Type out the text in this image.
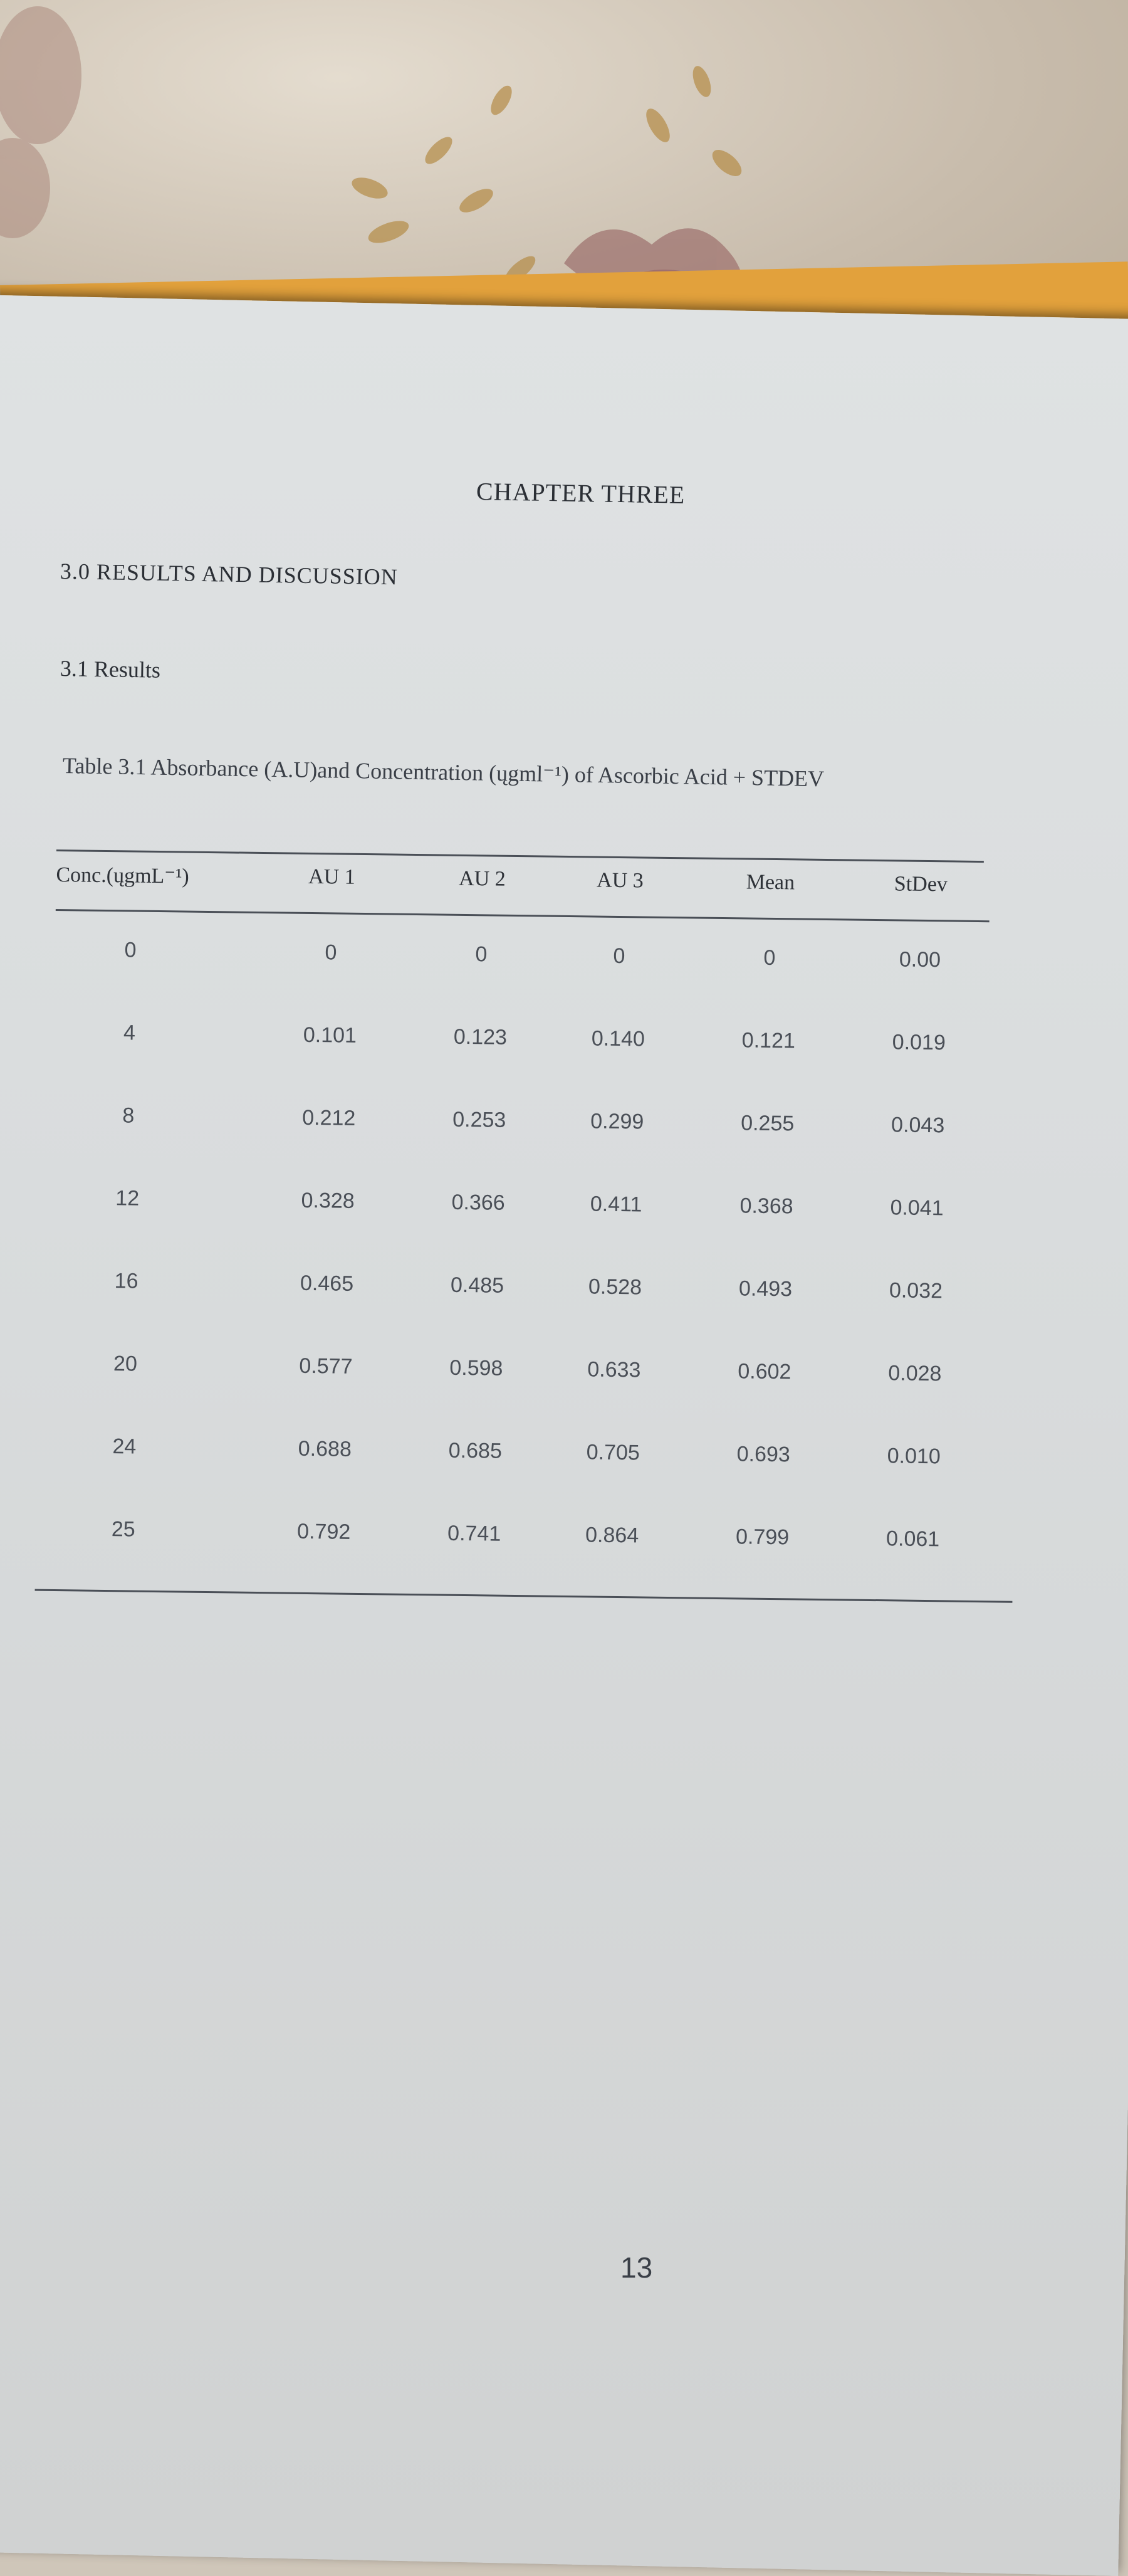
CHAPTER THREE
3.0 RESULTS AND DISCUSSION
3.1 Results
Table 3.1 Absorbance (A.U)and Concentration (ųgml⁻¹) of Ascorbic Acid + STDEV
Conc.(ųgmL⁻¹)	AU 1	AU 2	AU 3	Mean	StDev
0	0	0	0	0	0.00
4	0.101	0.123	0.140	0.121	0.019
8	0.212	0.253	0.299	0.255	0.043
12	0.328	0.366	0.411	0.368	0.041
16	0.465	0.485	0.528	0.493	0.032
20	0.577	0.598	0.633	0.602	0.028
24	0.688	0.685	0.705	0.693	0.010
25	0.792	0.741	0.864	0.799	0.061
13
